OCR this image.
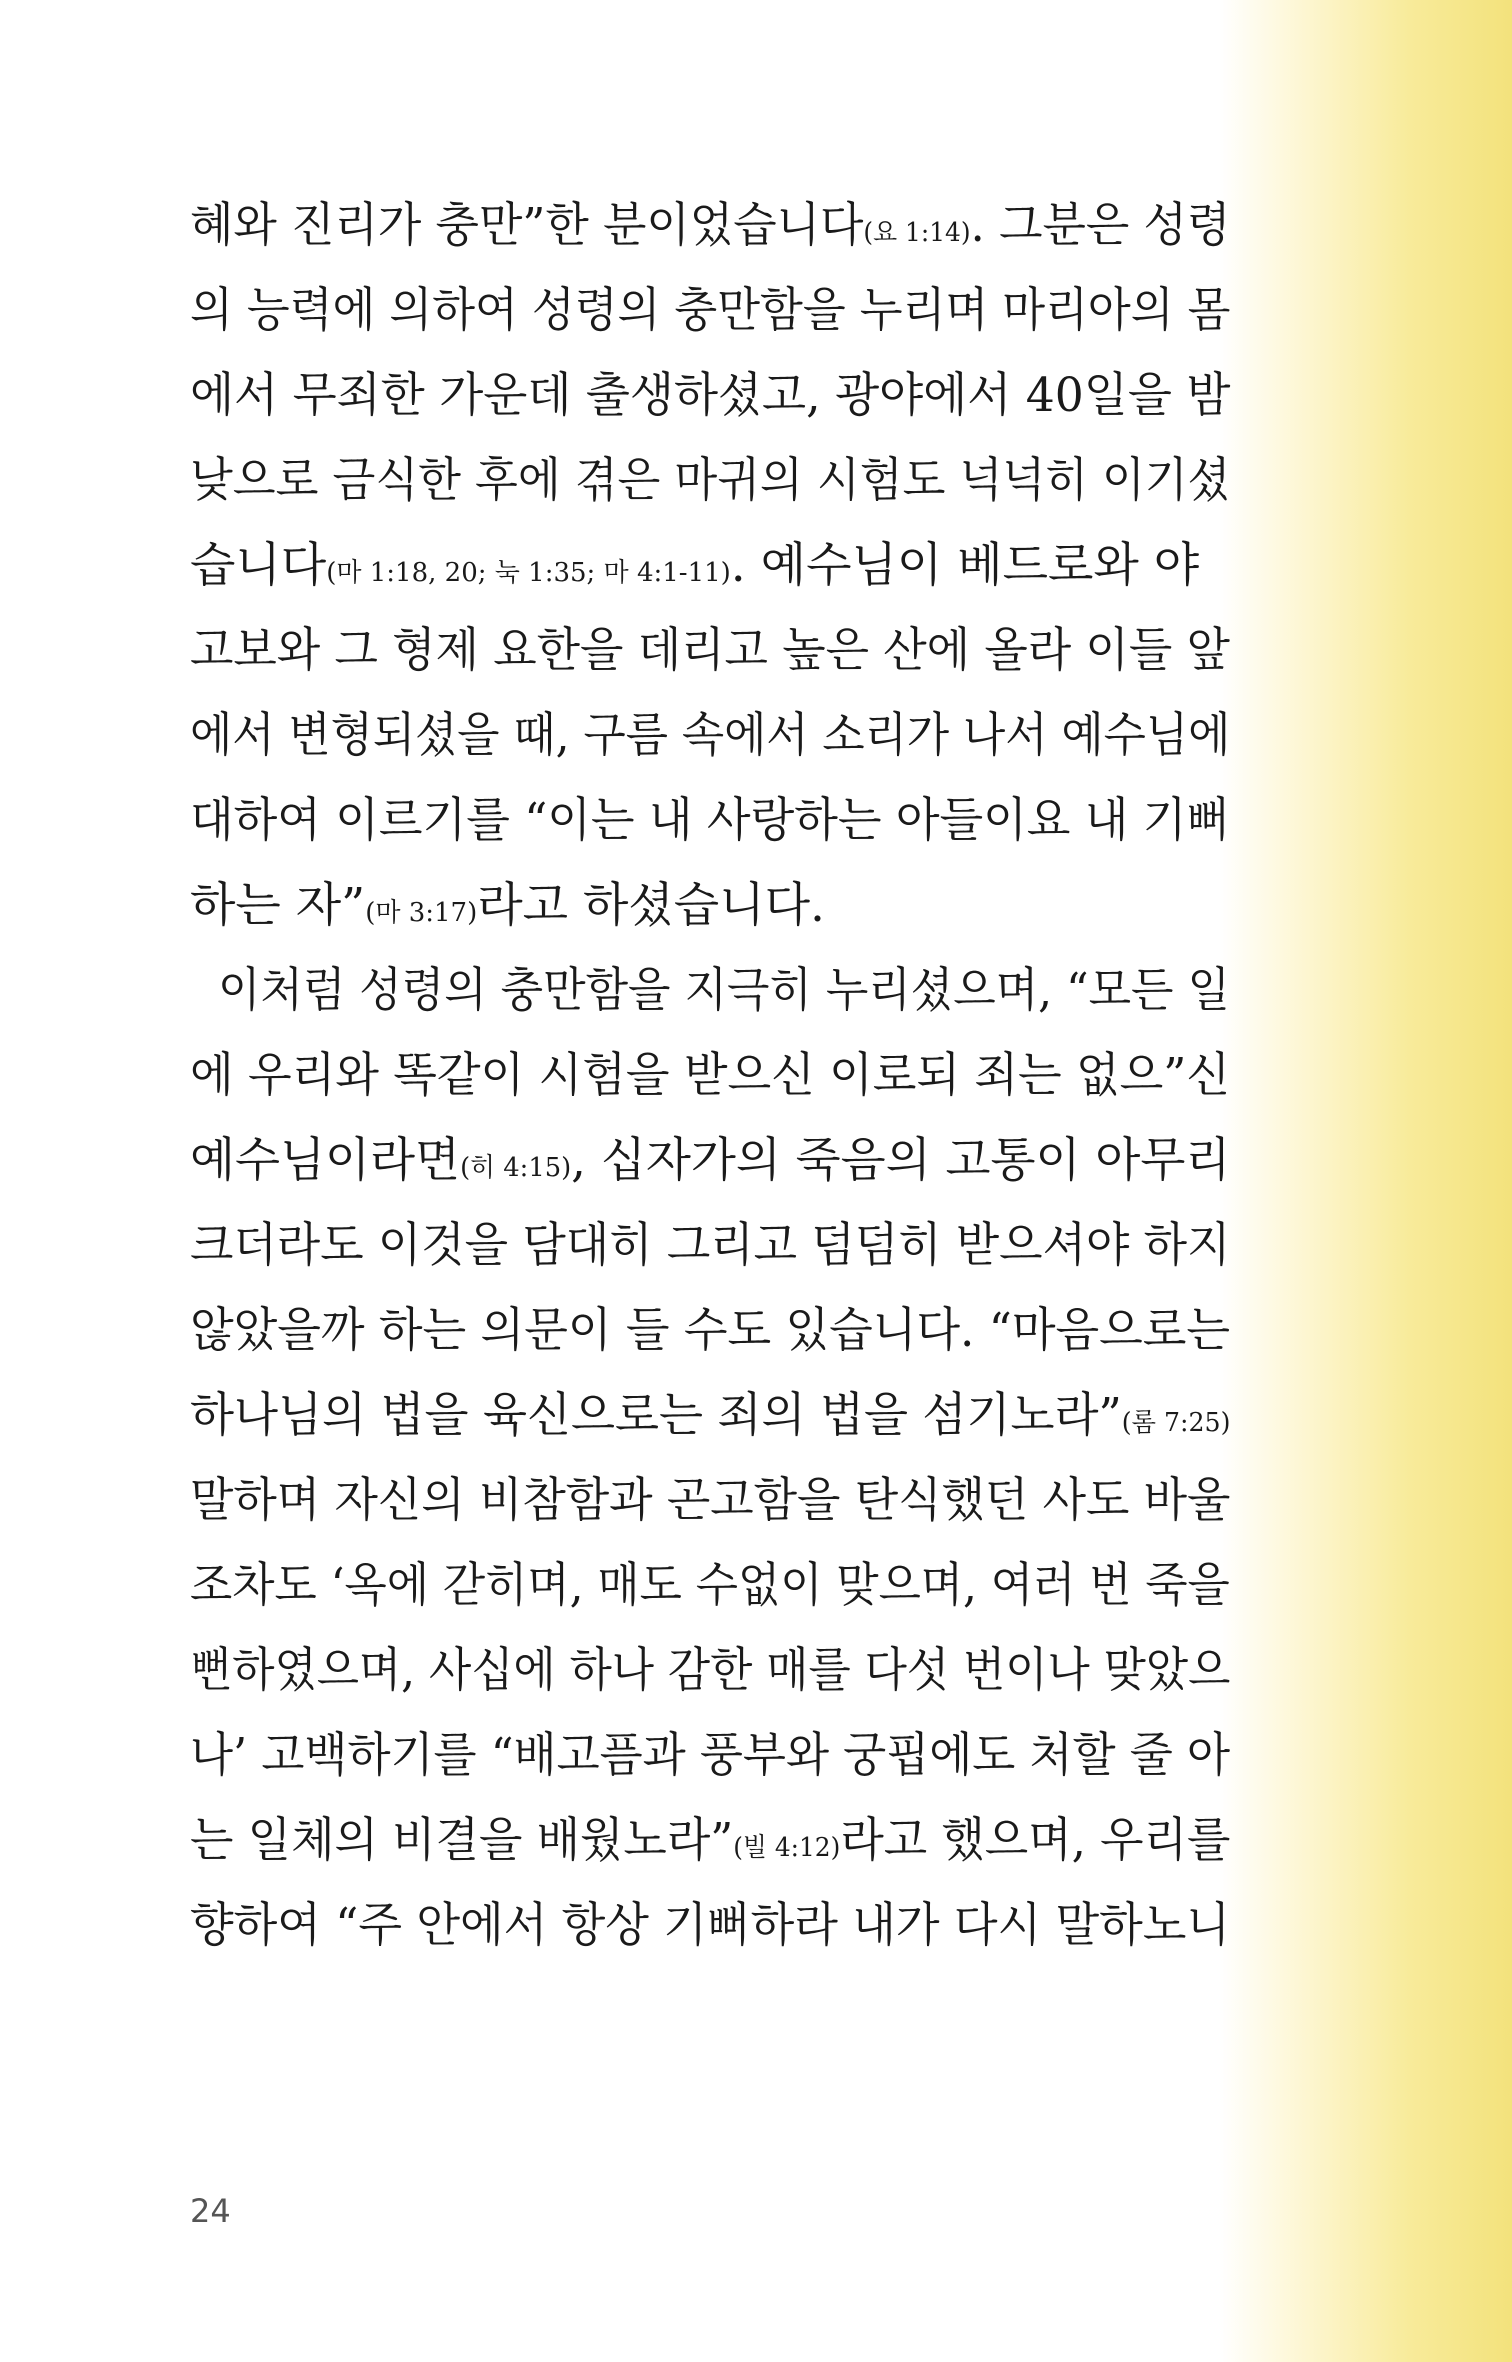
혜와 진리가 충만”한 분이었습니다(요 1:14). 그분은 성령
의 능력에 의하여 성령의 충만함을 누리며 마리아의 몸
에서 무죄한 가운데 출생하셨고, 광야에서 40일을 밤
낮으로 금식한 후에 겪은 마귀의 시험도 넉넉히 이기셨
습니다(마 1:18, 20; 눅 1:35; 마 4:1-11). 예수님이 베드로와 야
고보와 그 형제 요한을 데리고 높은 산에 올라 이들 앞
에서 변형되셨을 때, 구름 속에서 소리가 나서 예수님에
대하여 이르기를 “이는 내 사랑하는 아들이요 내 기뻐
하는 자”(마 3:17)라고 하셨습니다.
이처럼 성령의 충만함을 지극히 누리셨으며, “모든 일
에 우리와 똑같이 시험을 받으신 이로되 죄는 없으”신
예수님이라면(히 4:15), 십자가의 죽음의 고통이 아무리
크더라도 이것을 담대히 그리고 덤덤히 받으셔야 하지
않았을까 하는 의문이 들 수도 있습니다. “마음으로는
하나님의 법을 육신으로는 죄의 법을 섬기노라”(롬 7:25)
말하며 자신의 비참함과 곤고함을 탄식했던 사도 바울
조차도 ‘옥에 갇히며, 매도 수없이 맞으며, 여러 번 죽을
뻔하였으며, 사십에 하나 감한 매를 다섯 번이나 맞았으
나’ 고백하기를 “배고픔과 풍부와 궁핍에도 처할 줄 아
는 일체의 비결을 배웠노라”(빌 4:12)라고 했으며, 우리를
향하여 “주 안에서 항상 기뻐하라 내가 다시 말하노니
24
